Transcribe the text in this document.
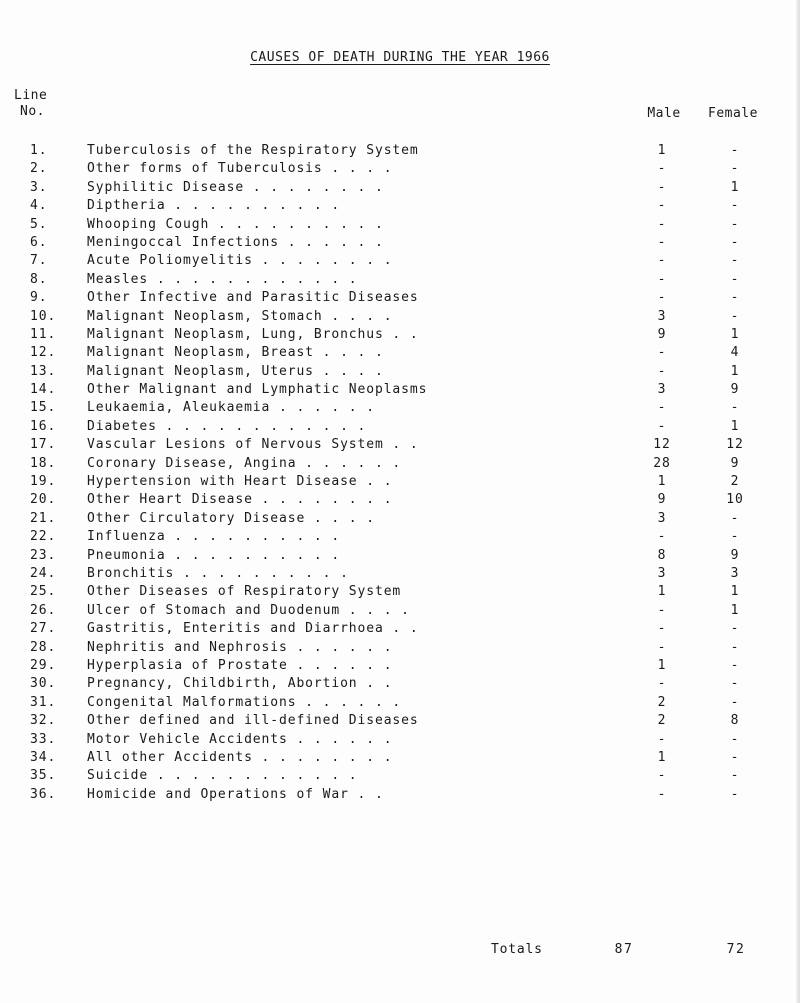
CAUSES OF DEATH DURING THE YEAR 1966
Line
No.	Male	Female
1.	Tuberculosis of the Respiratory System	1	-
2.	Other forms of Tuberculosis . . . .	-	-
3.	Syphilitic Disease . . . . . . . .	-	1
4.	Diptheria . . . . . . . . . .	-	-
5.	Whooping Cough . . . . . . . . . .	-	-
6.	Meningoccal Infections . . . . . .	-	-
7.	Acute Poliomyelitis . . . . . . . .	-	-
8.	Measles . . . . . . . . . . . .	-	-
9.	Other Infective and Parasitic Diseases	-	-
10.	Malignant Neoplasm, Stomach . . . .	3	-
11.	Malignant Neoplasm, Lung, Bronchus . .	9	1
12.	Malignant Neoplasm, Breast . . . .	-	4
13.	Malignant Neoplasm, Uterus . . . .	-	1
14.	Other Malignant and Lymphatic Neoplasms	3	9
15.	Leukaemia, Aleukaemia . . . . . .	-	-
16.	Diabetes . . . . . . . . . . . .	-	1
17.	Vascular Lesions of Nervous System . .	12	12
18.	Coronary Disease, Angina . . . . . .	28	9
19.	Hypertension with Heart Disease . .	1	2
20.	Other Heart Disease . . . . . . . .	9	10
21.	Other Circulatory Disease . . . .	3	-
22.	Influenza . . . . . . . . . .	-	-
23.	Pneumonia . . . . . . . . . .	8	9
24.	Bronchitis . . . . . . . . . .	3	3
25.	Other Diseases of Respiratory System	1	1
26.	Ulcer of Stomach and Duodenum . . . .	-	1
27.	Gastritis, Enteritis and Diarrhoea . .	-	-
28.	Nephritis and Nephrosis . . . . . .	-	-
29.	Hyperplasia of Prostate . . . . . .	1	-
30.	Pregnancy, Childbirth, Abortion . .	-	-
31.	Congenital Malformations . . . . . .	2	-
32.	Other defined and ill-defined Diseases	2	8
33.	Motor Vehicle Accidents . . . . . .	-	-
34.	All other Accidents . . . . . . . .	1	-
35.	Suicide . . . . . . . . . . . .	-	-
36.	Homicide and Operations of War . .	-	-
Totals	87	72
